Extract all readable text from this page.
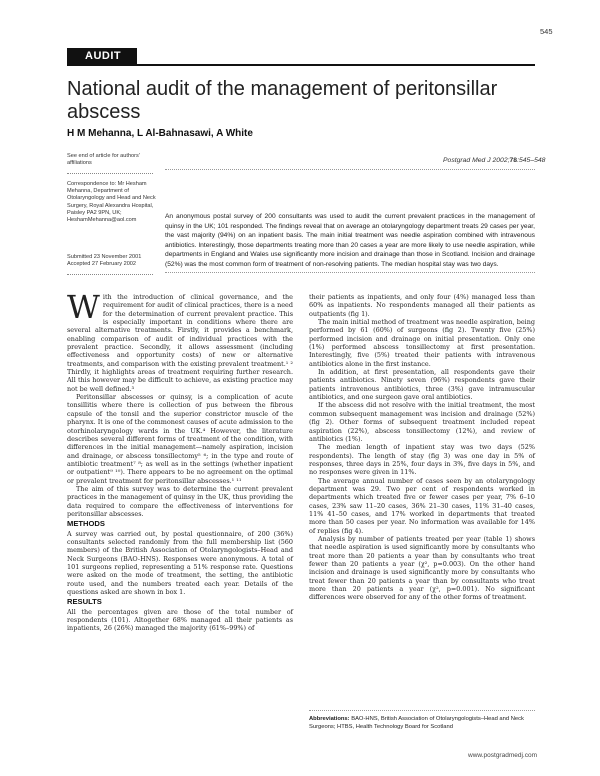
545
AUDIT
National audit of the management of peritonsillar abscess
H M Mehanna, L Al-Bahnasawi, A White
See end of article for authors' affiliations
Correspondence to: Mr Hesham Mehanna, Department of Otolaryngology and Head and Neck Surgery, Royal Alexandra Hospital, Paisley PA2 9PN, UK; HeshamMehanna@aol.com
Submitted 23 November 2001 Accepted 27 February 2002
Postgrad Med J 2002;78:545–548
An anonymous postal survey of 200 consultants was used to audit the current prevalent practices in the management of quinsy in the UK; 101 responded. The findings reveal that on average an otolaryngology department treats 29 cases per year, the vast majority (94%) on an inpatient basis. The main initial treatment was needle aspiration combined with intravenous antibiotics. Interestingly, those departments treating more than 20 cases a year are more likely to use needle aspiration, while departments in England and Wales use significantly more incision and drainage than those in Scotland. Incision and drainage (52%) was the most common form of treatment of non-resolving patients. The median hospital stay was two days.

With the introduction of clinical governance, and the requirement for audit of clinical practices, there is a need for the determination of current prevalent practice. This is especially important in conditions where there are several alternative treatments. Firstly, it provides a benchmark, enabling comparison of audit of individual practices with the prevalent practice. Secondly, it allows assessment (including effectiveness and opportunity costs) of new or alternative treatments, and comparison with the existing prevalent treatment.¹ ² Thirdly, it highlights areas of treatment requiring further research. All this however may be difficult to achieve, as existing practice may not be well defined.³

Peritonsillar abscesses or quinsy, is a complication of acute tonsillitis where there is collection of pus between the fibrous capsule of the tonsil and the superior constrictor muscle of the pharynx. It is one of the commonest causes of acute admission to the otorhinolaryngology wards in the UK.⁴ However, the literature describes several different forms of treatment of the condition, with differences in the initial management—namely aspiration, incision and drainage, or abscess tonsillectomy⁵ ⁶; in the type and route of antibiotic treatment⁷ ⁸; as well as in the settings (whether inpatient or outpatient⁹ ¹⁰). There appears to be no agreement on the optimal or prevalent treatment for peritonsillar abscesses.¹ ¹¹

The aim of this survey was to determine the current prevalent practices in the management of quinsy in the UK, thus providing the data required to compare the effectiveness of interventions for peritonsillar abscesses.

METHODS

A survey was carried out, by postal questionnaire, of 200 (36%) consultants selected randomly from the full membership list (560 members) of the British Association of Otolaryngologists–Head and Neck Surgeons (BAO-HNS). Responses were anonymous. A total of 101 surgeons replied, representing a 51% response rate. Questions were asked on the mode of treatment, the setting, the antibiotic route used, and the numbers treated each year. Details of the questions asked are shown in box 1.

RESULTS

All the percentages given are those of the total number of respondents (101). Altogether 68% managed all their patients as inpatients, 26 (26%) managed the majority (61%–99%) of

their patients as inpatients, and only four (4%) managed less than 60% as inpatients. No respondents managed all their patients as outpatients (fig 1).

The main initial method of treatment was needle aspiration, being performed by 61 (60%) of surgeons (fig 2). Twenty five (25%) performed incision and drainage on initial presentation. Only one (1%) performed abscess tonsillectomy at first presentation. Interestingly, five (5%) treated their patients with intravenous antibiotics alone in the first instance.

In addition, at first presentation, all respondents gave their patients antibiotics. Ninety seven (96%) respondents gave their patients intravenous antibiotics, three (3%) gave intramuscular antibiotics, and one surgeon gave oral antibiotics.

If the abscess did not resolve with the initial treatment, the most common subsequent management was incision and drainage (52%) (fig 2). Other forms of subsequent treatment included repeat aspiration (22%), abscess tonsillectomy (12%), and review of antibiotics (1%).

The median length of inpatient stay was two days (52% respondents). The length of stay (fig 3) was one day in 5% of responses, three days in 25%, four days in 3%, five days in 5%, and no responses were given in 11%.

The average annual number of cases seen by an otolaryngology department was 29. Two per cent of respondents worked in departments which treated five or fewer cases per year, 7% 6–10 cases, 23% saw 11–20 cases, 36% 21–30 cases, 11% 31–40 cases, 11% 41–50 cases, and 17% worked in departments that treated more than 50 cases per year. No information was available for 14% of replies (fig 4).

Analysis by number of patients treated per year (table 1) shows that needle aspiration is used significantly more by consultants who treat more than 20 patients a year than by consultants who treat fewer than 20 patients a year (χ², p=0.003). On the other hand incision and drainage is used significantly more by consultants who treat fewer than 20 patients a year than by consultants who treat more than 20 patients a year (χ², p=0.001). No significant differences were observed for any of the other forms of treatment.

Abbreviations: BAO-HNS, British Association of Otolaryngologists–Head and Neck Surgeons; HTBS, Health Technology Board for Scotland
www.postgradmedj.com
